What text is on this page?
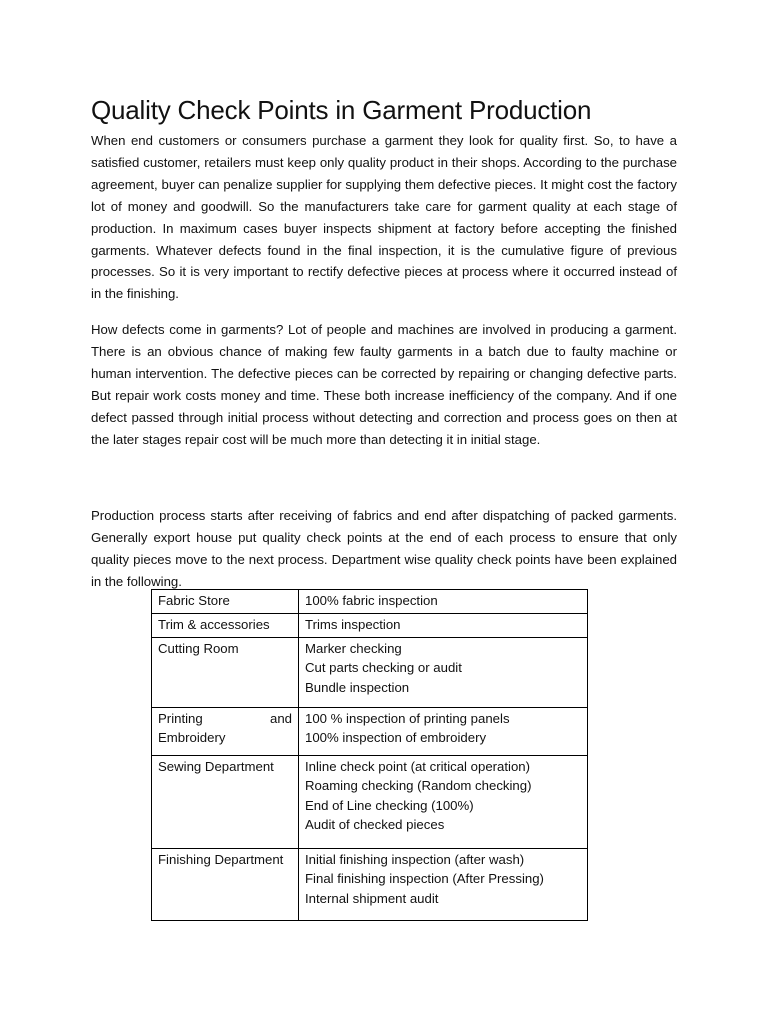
Quality Check Points in Garment Production

When end customers or consumers purchase a garment they look for quality first. So, to have a satisfied customer, retailers must keep only quality product in their shops. According to the purchase agreement, buyer can penalize supplier for supplying them defective pieces. It might cost the factory lot of money and goodwill. So the manufacturers take care for garment quality at each stage of production. In maximum cases buyer inspects shipment at factory before accepting the finished garments. Whatever defects found in the final inspection, it is the cumulative figure of previous processes. So it is very important to rectify defective pieces at process where it occurred instead of in the finishing.

How defects come in garments? Lot of people and machines are involved in producing a garment. There is an obvious chance of making few faulty garments in a batch due to faulty machine or human intervention. The defective pieces can be corrected by repairing or changing defective parts. But repair work costs money and time. These both increase inefficiency of the company. And if one defect passed through initial process without detecting and correction and process goes on then at the later stages repair cost will be much more than detecting it in initial stage.

Production process starts after receiving of fabrics and end after dispatching of packed garments. Generally export house put quality check points at the end of each process to ensure that only quality pieces move to the next process. Department wise quality check points have been explained in the following.

Fabric Store	100% fabric inspection

Trim & accessories	Trims inspection

Cutting Room	Marker checking
Cut parts checking or audit
Bundle inspection

Printing and Embroidery	100 % inspection of printing panels
100% inspection of embroidery

Sewing Department	Inline check point (at critical operation)
Roaming checking (Random checking)
End of Line checking (100%)
Audit of checked pieces

Finishing Department	Initial finishing inspection (after wash)
Final finishing inspection (After Pressing)
Internal shipment audit
